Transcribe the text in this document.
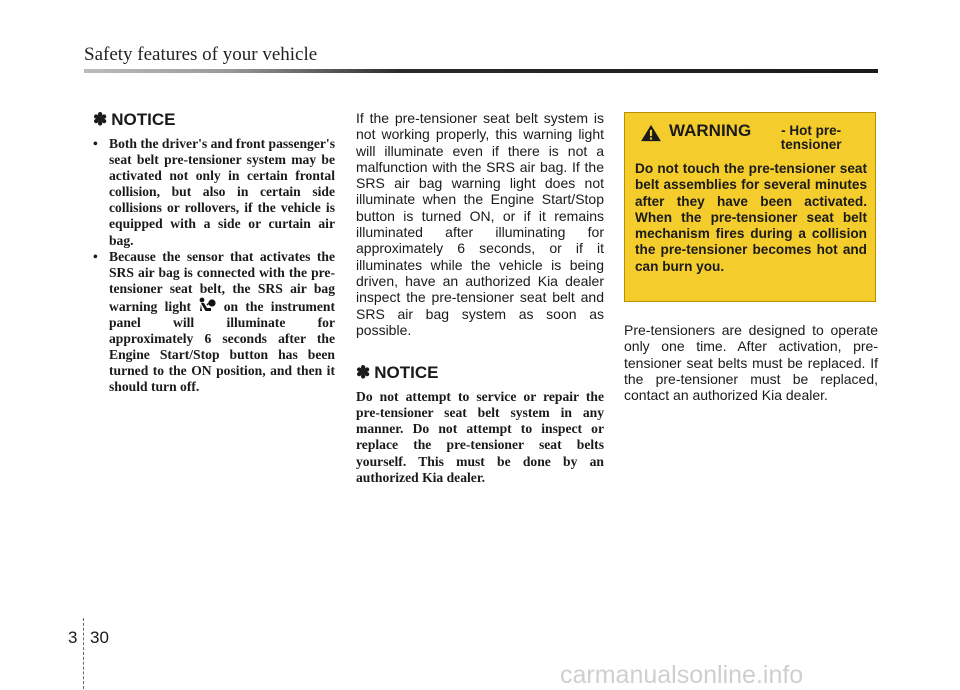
Safety features of your vehicle
✽ NOTICE
• Both the driver's and front passenger's seat belt pre-tensioner system may be activated not only in certain frontal collision, but also in certain side collisions or rollovers, if the vehicle is equipped with a side or curtain air bag.
• Because the sensor that activates the SRS air bag is connected with the pre-tensioner seat belt, the SRS air bag warning light on the instrument panel will illuminate for approximately 6 seconds after the Engine Start/Stop button has been turned to the ON position, and then it should turn off.

If the pre-tensioner seat belt system is not working properly, this warning light will illuminate even if there is not a malfunction with the SRS air bag. If the SRS air bag warning light does not illuminate when the Engine Start/Stop button is turned ON, or if it remains illuminated after illuminating for approximately 6 seconds, or if it illuminates while the vehicle is being driven, have an authorized Kia dealer inspect the pre-tensioner seat belt and SRS air bag system as soon as possible.

✽ NOTICE

Do not attempt to service or repair the pre-tensioner seat belt system in any manner. Do not attempt to inspect or replace the pre-tensioner seat belts yourself. This must be done by an authorized Kia dealer.

WARNING	- Hot pre-tensioner
Do not touch the pre-tensioner seat belt assemblies for several minutes after they have been activated. When the pre-tensioner seat belt mechanism fires during a collision the pre-tensioner becomes hot and can burn you.

Pre-tensioners are designed to operate only one time. After activation, pre-tensioner seat belts must be replaced. If the pre-tensioner must be replaced, contact an authorized Kia dealer.

3 30
carmanualsonline.info
